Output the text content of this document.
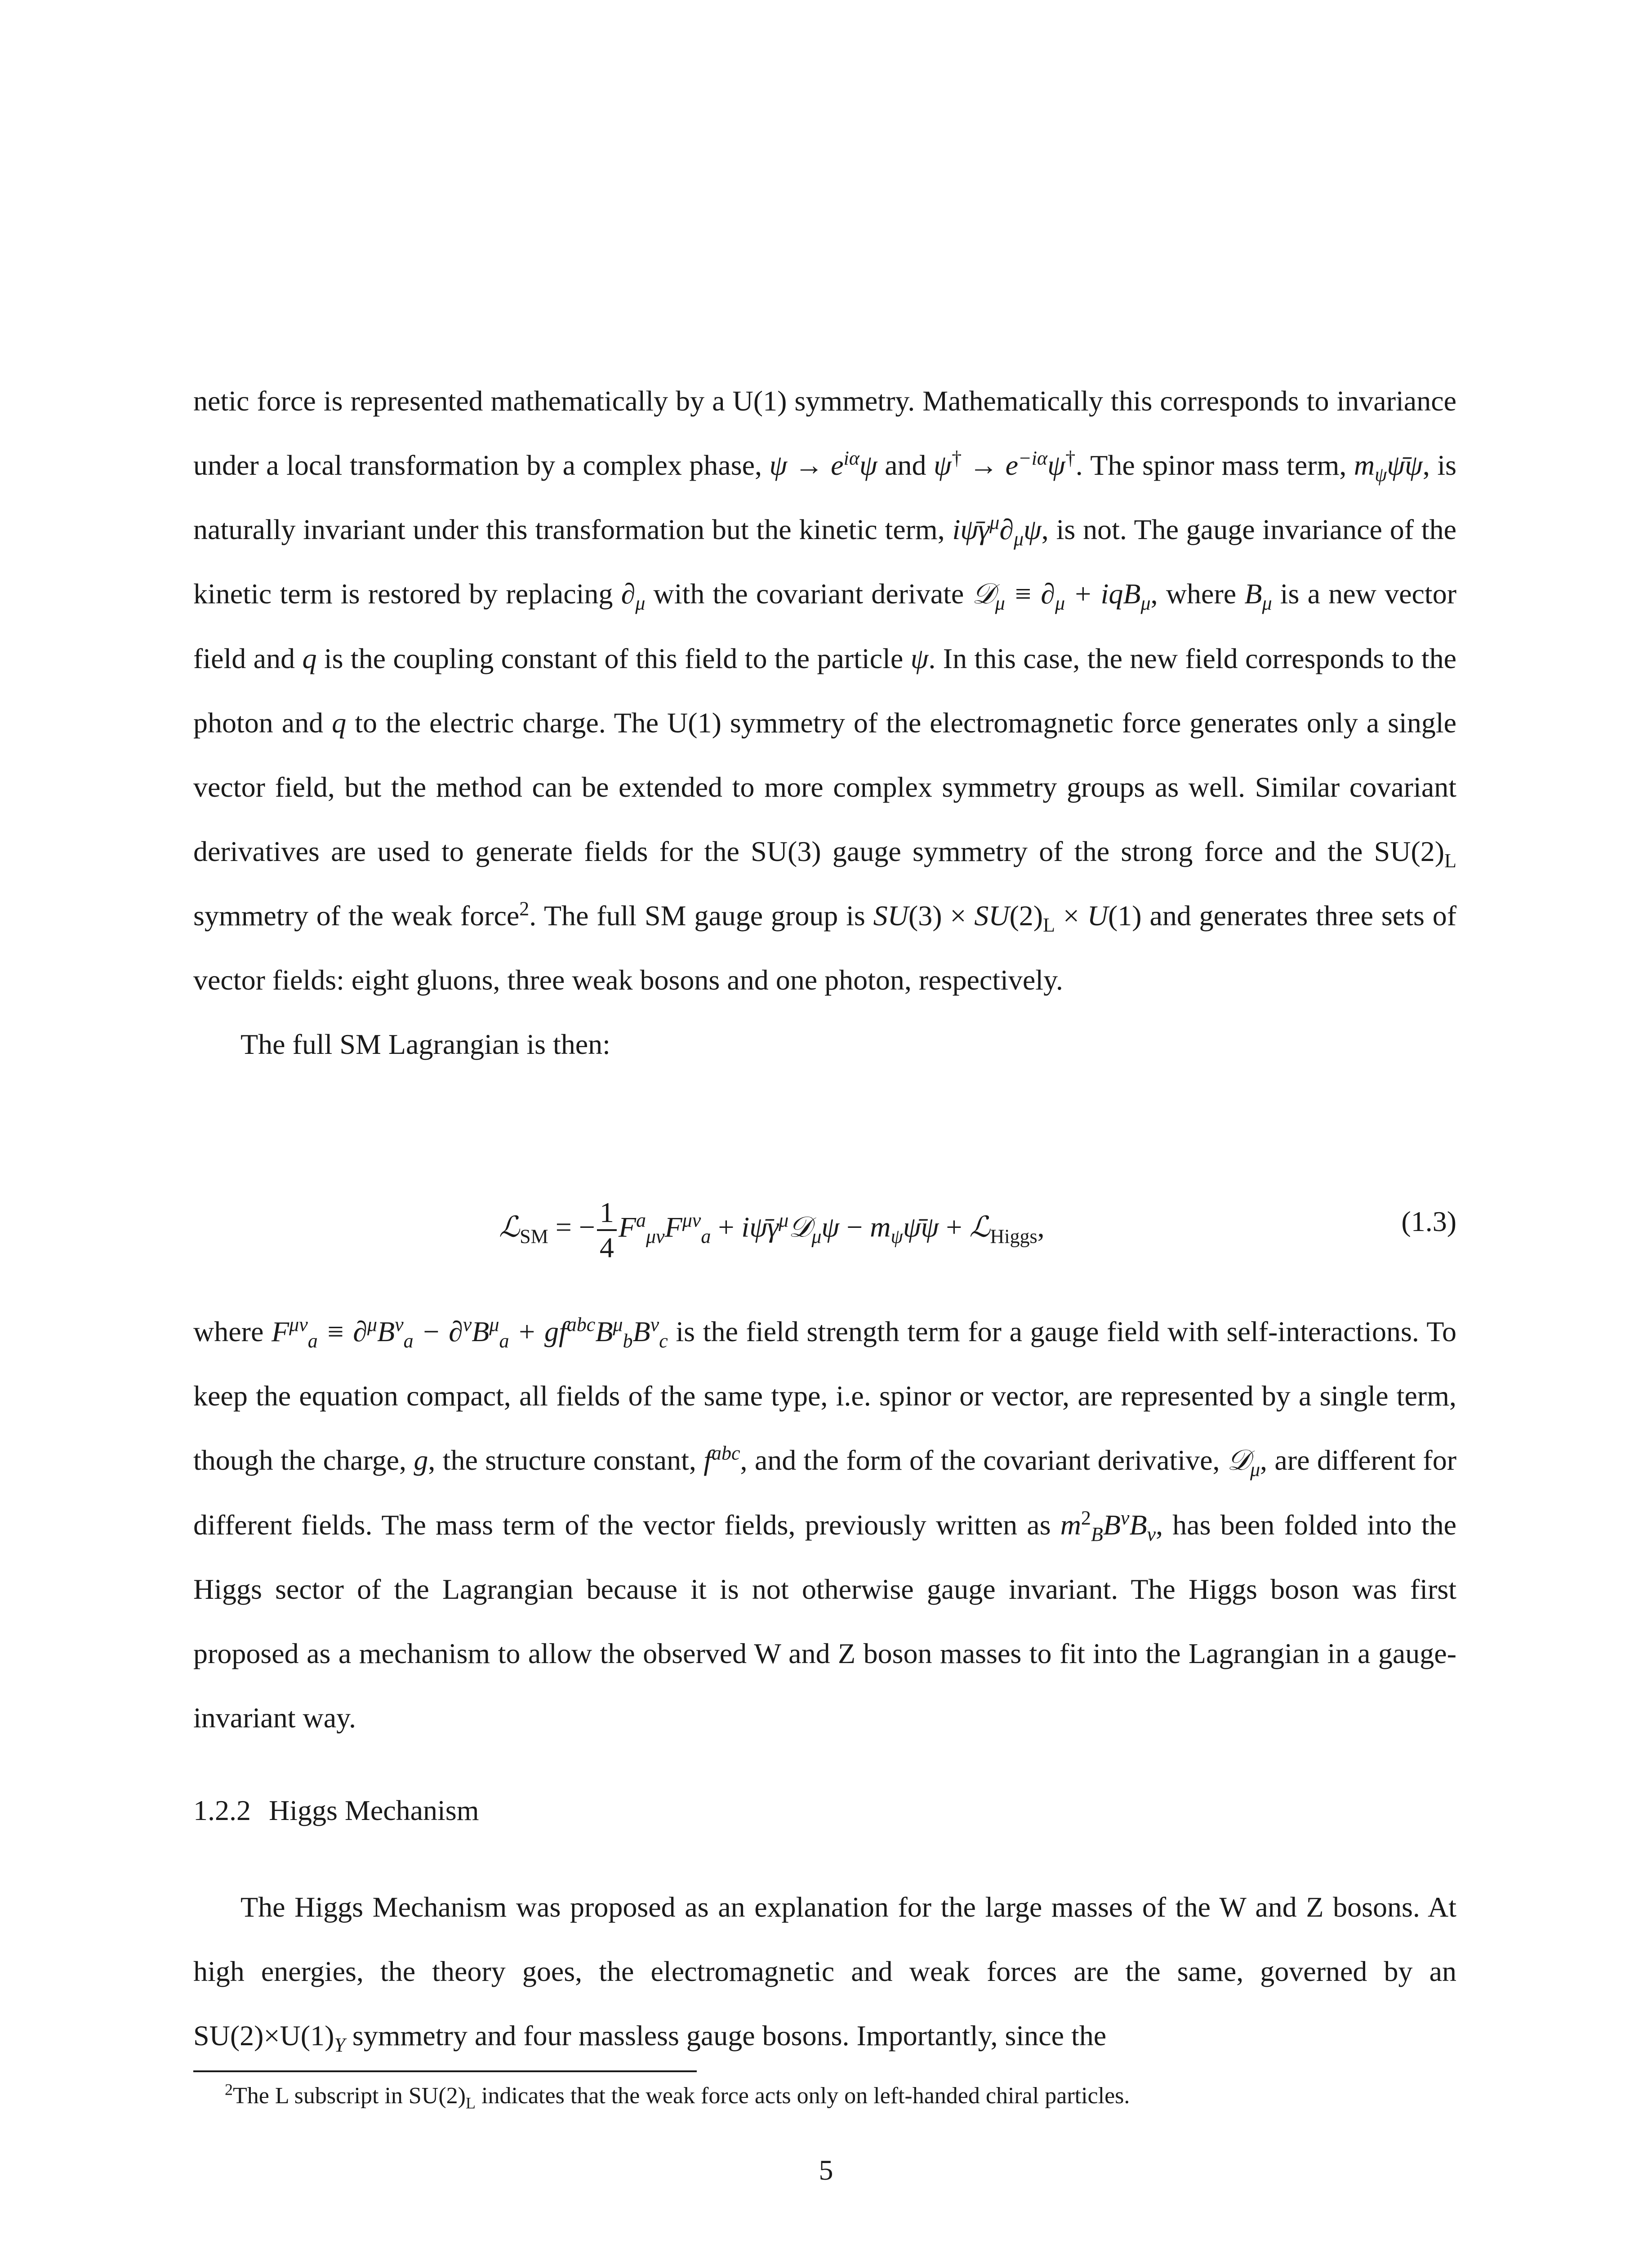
netic force is represented mathematically by a U(1) symmetry. Mathematically this corresponds to invariance under a local transformation by a complex phase, $\psi \to e^{i\alpha}\psi$ and $\psi^\dagger \to e^{-i\alpha}\psi^\dagger$. The spinor mass term, $m_\psi\psī\psi$, is naturally invariant under this transformation but the kinetic term, $i\psī\gamma^\mu\partial_\mu\psi$, is not. The gauge invariance of the kinetic term is restored by replacing $\partial_\mu$ with the covariant derivate 𝒟$_\mu$ ≡ $\partial_\mu + iqB_\mu$, where $B_\mu$ is a new vector field and q is the coupling constant of this field to the particle ψ. In this case, the new field corresponds to the photon and q to the electric charge. The U(1) symmetry of the electromagnetic force generates only a single vector field, but the method can be extended to more complex symmetry groups as well. Similar covariant derivatives are used to generate fields for the SU(3) gauge symmetry of the strong force and the $SU(2)_L$ symmetry of the weak force$^2$. The full SM gauge group is $SU(3) \times SU(2)_L \times U(1)$ and generates three sets of vector fields: eight gluons, three weak bosons and one photon, respectively.

The full SM Lagrangian is then:

ℒ$_{SM}$ = − $\frac{1}{4} F^a_{\mu\nu}F^{\mu\nu}_a$ + $i\psī\gamma^\mu 𝒟_\mu\psi$ − $m_\psi\psī\psi$ + ℒ$_{Higgs}$,	(1.3)

where $F^{\mu\nu}_a \equiv \partial^\mu B^\nu_a - \partial^\nu B^\mu_a + gf^{abc}B^\mu_bB^\nu_c$ is the field strength term for a gauge field with self-interactions. To keep the equation compact, all fields of the same type, i.e. spinor or vector, are represented by a single term, though the charge, g, the structure constant, $f^{abc}$, and the form of the covariant derivative, 𝒟$_\mu$, are different for different fields. The mass term of the vector fields, previously written as $m^2_BB^\nu B_\nu$, has been folded into the Higgs sector of the Lagrangian because it is not otherwise gauge invariant. The Higgs boson was first proposed as a mechanism to allow the observed W and Z boson masses to fit into the Lagrangian in a gauge-invariant way.

1.2.2 Higgs Mechanism

The Higgs Mechanism was proposed as an explanation for the large masses of the W and Z bosons. At high energies, the theory goes, the electromagnetic and weak forces are the same, governed by an $SU(2)\times U(1)_Y$ symmetry and four massless gauge bosons. Importantly, since the

$^2$The L subscript in $SU(2)_L$ indicates that the weak force acts only on left-handed chiral particles.
5
